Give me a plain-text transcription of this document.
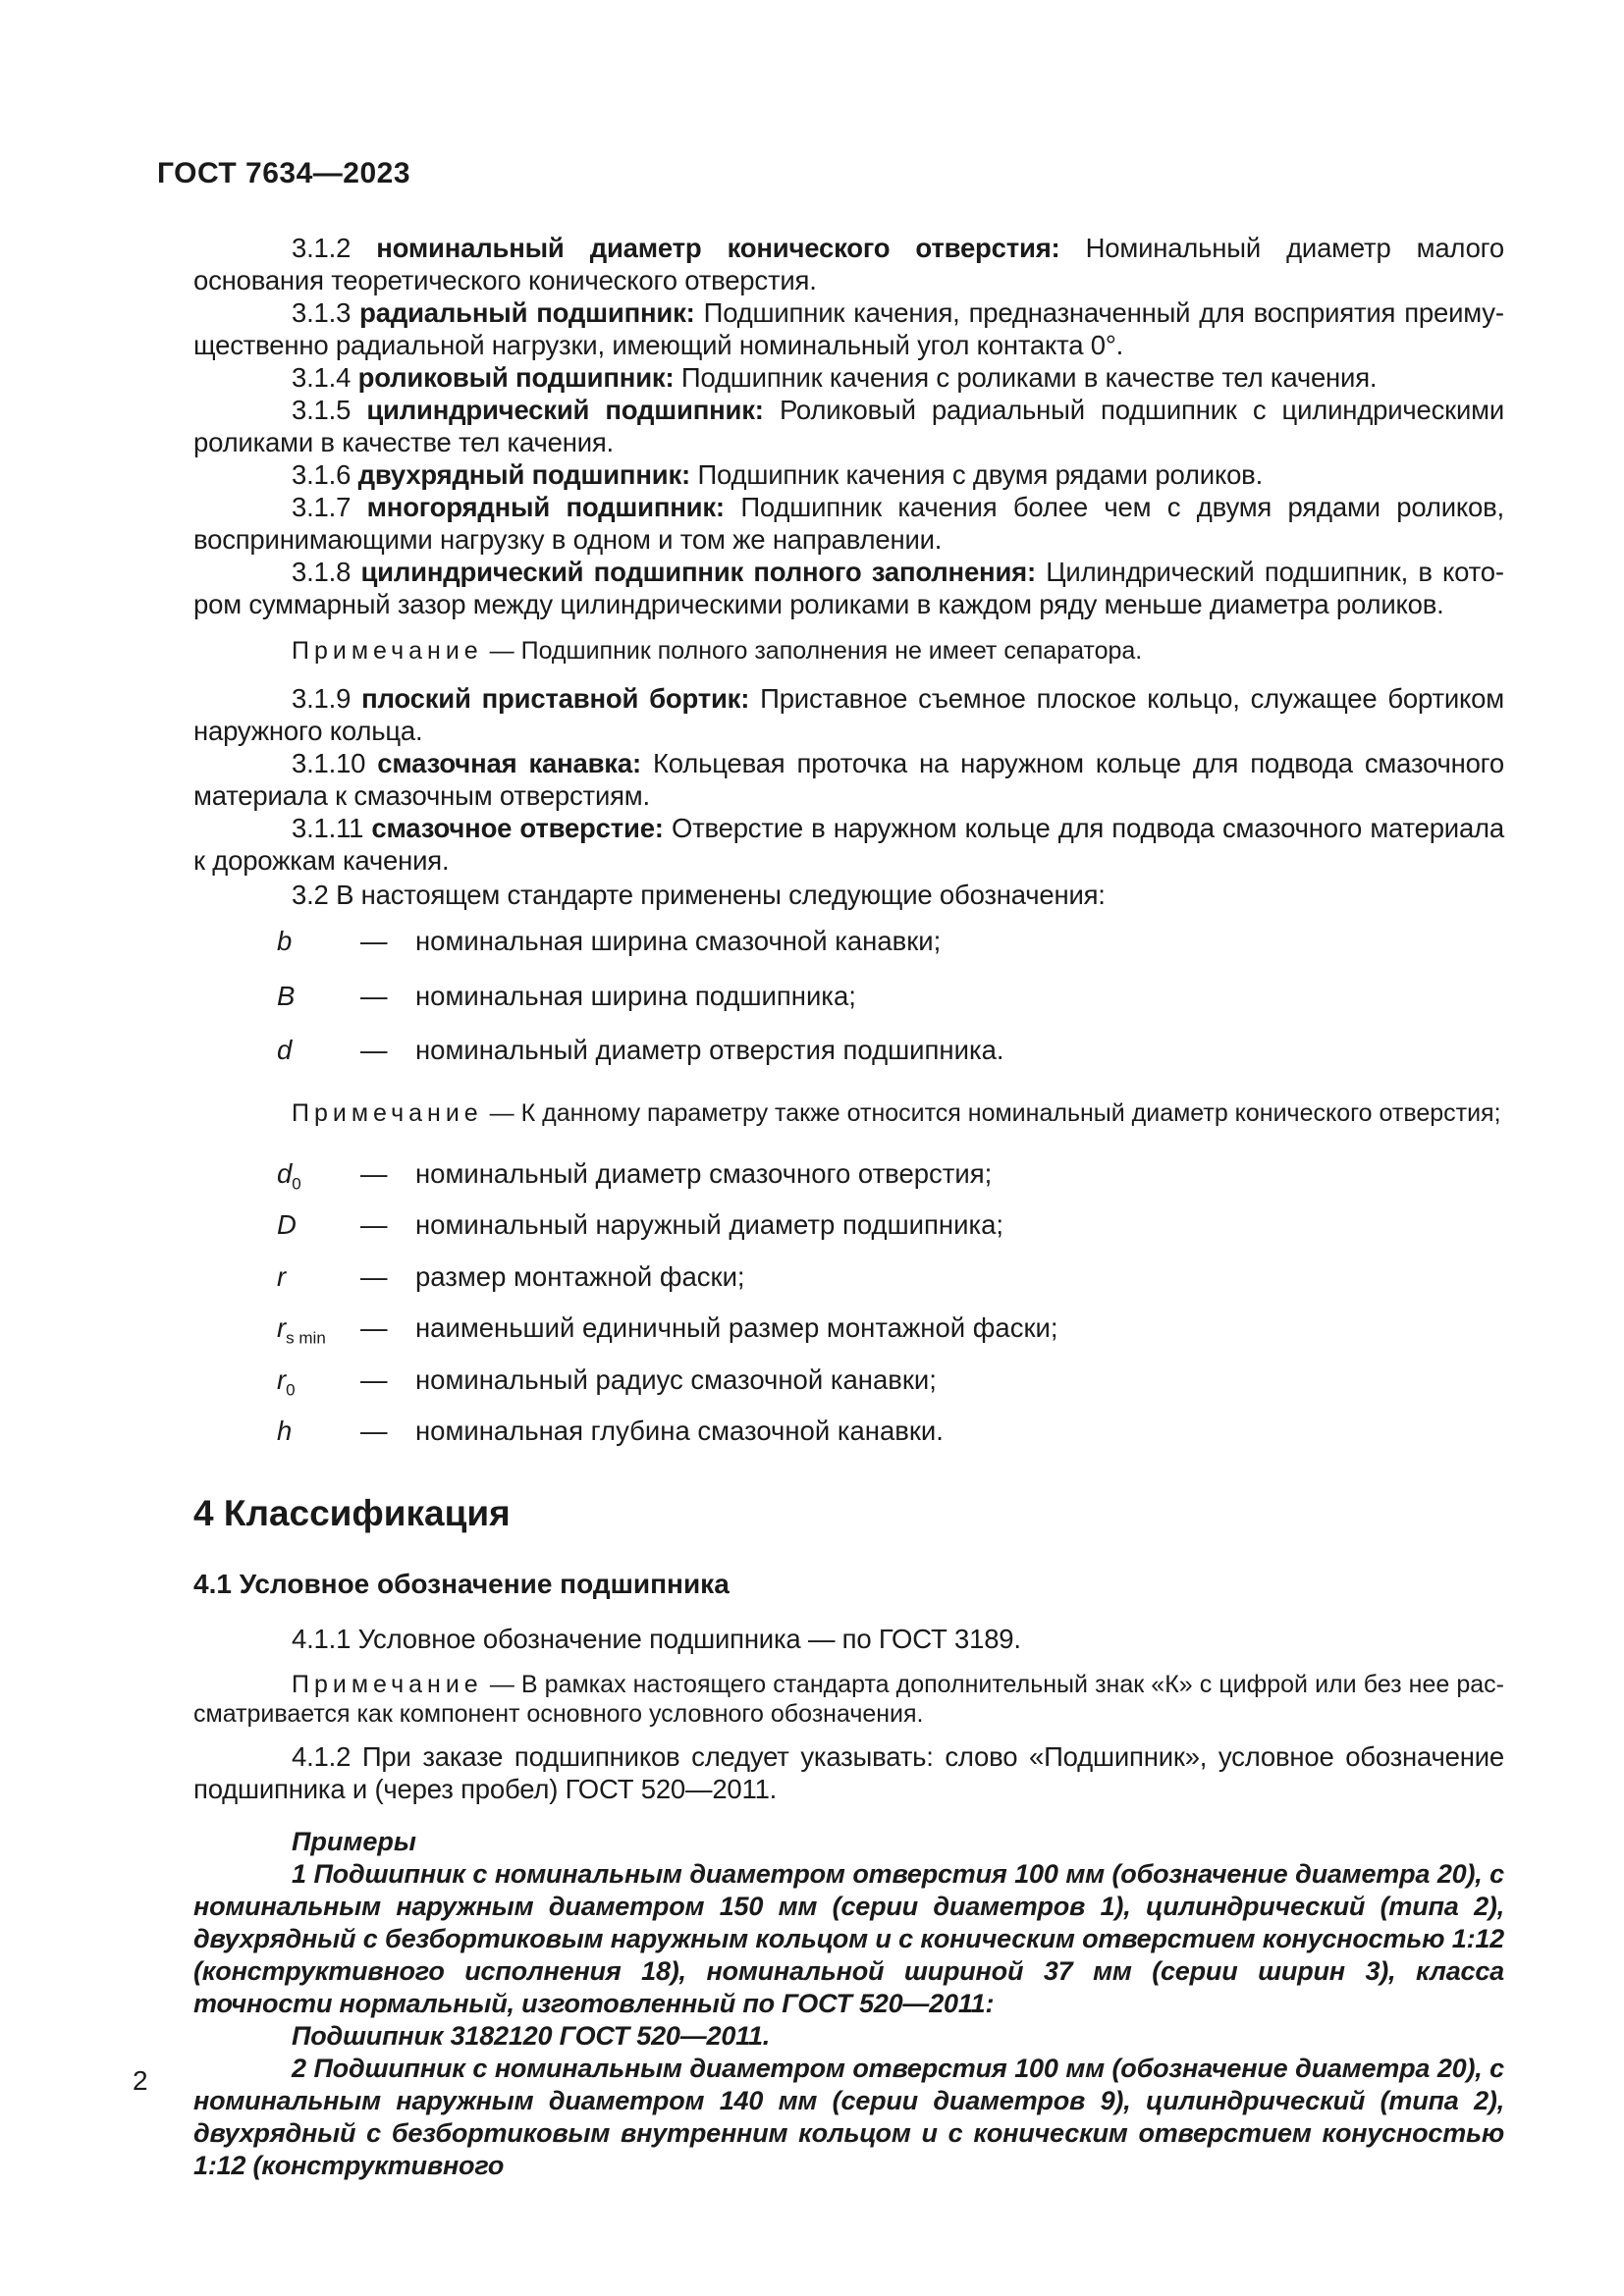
ГОСТ 7634—2023

3.1.2 номинальный диаметр конического отверстия: Номинальный диаметр малого основания теоретического конического отверстия.

3.1.3 радиальный подшипник: Подшипник качения, предназначенный для восприятия преимущественно радиальной нагрузки, имеющий номинальный угол контакта 0°.

3.1.4 роликовый подшипник: Подшипник качения с роликами в качестве тел качения.

3.1.5 цилиндрический подшипник: Роликовый радиальный подшипник с цилиндрическими роликами в качестве тел качения.

3.1.6 двухрядный подшипник: Подшипник качения с двумя рядами роликов.

3.1.7 многорядный подшипник: Подшипник качения более чем с двумя рядами роликов, воспринимающими нагрузку в одном и том же направлении.

3.1.8 цилиндрический подшипник полного заполнения: Цилиндрический подшипник, в котором суммарный зазор между цилиндрическими роликами в каждом ряду меньше диаметра роликов.

Примечание — Подшипник полного заполнения не имеет сепаратора.

3.1.9 плоский приставной бортик: Приставное съемное плоское кольцо, служащее бортиком наружного кольца.

3.1.10 смазочная канавка: Кольцевая проточка на наружном кольце для подвода смазочного материала к смазочным отверстиям.

3.1.11 смазочное отверстие: Отверстие в наружном кольце для подвода смазочного материала к дорожкам качения.

3.2 В настоящем стандарте применены следующие обозначения:

b	—	номинальная ширина смазочной канавки;
B	—	номинальная ширина подшипника;
d	—	номинальный диаметр отверстия подшипника.

Примечание — К данному параметру также относится номинальный диаметр конического отверстия;

$d_0$	—	номинальный диаметр смазочного отверстия;
D	—	номинальный наружный диаметр подшипника;
r	—	размер монтажной фаски;
$r_{s min}$	—	наименьший единичный размер монтажной фаски;
$r_0$	—	номинальный радиус смазочной канавки;
h	—	номинальная глубина смазочной канавки.
4 Классификация
4.1 Условное обозначение подшипника

4.1.1 Условное обозначение подшипника — по ГОСТ 3189.

Примечание — В рамках настоящего стандарта дополнительный знак «К» с цифрой или без нее рассматривается как компонент основного условного обозначения.

4.1.2 При заказе подшипников следует указывать: слово «Подшипник», условное обозначение подшипника и (через пробел) ГОСТ 520—2011.

Примеры

1 Подшипник с номинальным диаметром отверстия 100 мм (обозначение диаметра 20), с номинальным наружным диаметром 150 мм (серии диаметров 1), цилиндрический (типа 2), двухрядный с безбортиковым наружным кольцом и с коническим отверстием конусностью 1:12 (конструктивного исполнения 18), номинальной шириной 37 мм (серии ширин 3), класса точности нормальный, изготовленный по ГОСТ 520—2011:

Подшипник 3182120 ГОСТ 520—2011.

2 Подшипник с номинальным диаметром отверстия 100 мм (обозначение диаметра 20), с номинальным наружным диаметром 140 мм (серии диаметров 9), цилиндрический (типа 2), двухрядный с безбортиковым внутренним кольцом и с коническим отверстием конусностью 1:12 (конструктивного

2
